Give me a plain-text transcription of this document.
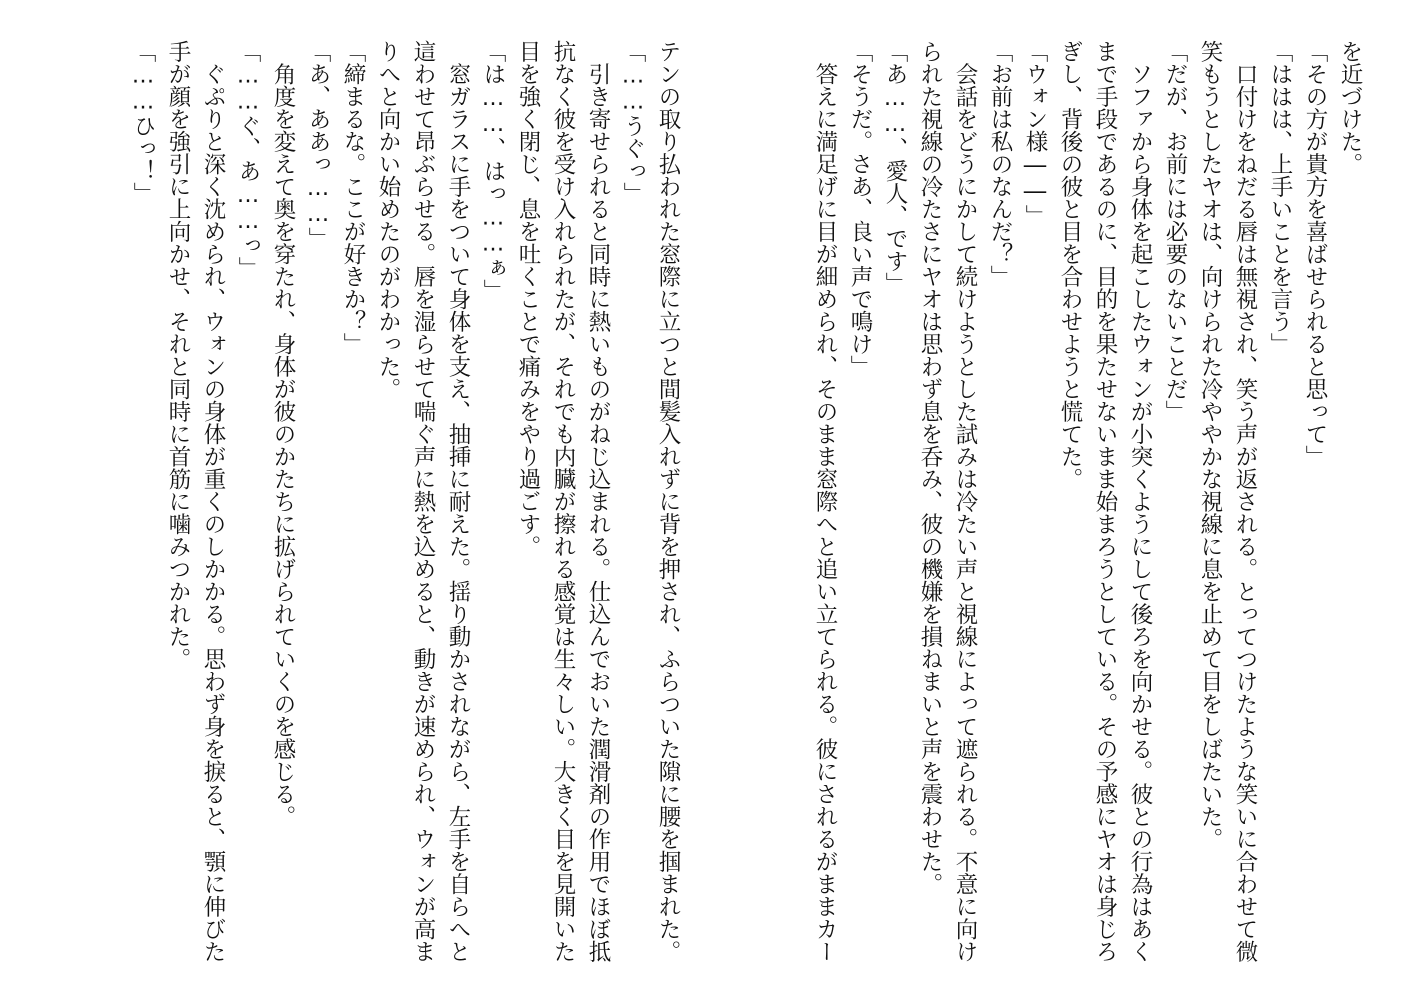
を近づけた。
「その方が貴方を喜ばせられると思って」
「ははは、上手いことを言う」
　口付けをねだる唇は無視され、笑う声が返される。とってつけたような笑いに合わせて微
笑もうとしたヤオは、向けられた冷ややかな視線に息を止めて目をしばたいた。
「だが、お前には必要のないことだ」
　ソファから身体を起こしたウォンが小突くようにして後ろを向かせる。彼との行為はあく
まで手段であるのに、目的を果たせないまま始まろうとしている。その予感にヤオは身じろ
ぎし、背後の彼と目を合わせようと慌てた。
「ウォン様――」
「お前は私のなんだ？」
　会話をどうにかして続けようとした試みは冷たい声と視線によって遮られる。不意に向け
られた視線の冷たさにヤオは思わず息を呑み、彼の機嫌を損ねまいと声を震わせた。
「あ……、愛人、です」
「そうだ。さあ、良い声で鳴け」
　答えに満足げに目が細められ、そのまま窓際へと追い立てられる。彼にされるがままカー
テンの取り払われた窓際に立つと間髪入れずに背を押され、ふらついた隙に腰を掴まれた。
「……うぐっ」
　引き寄せられると同時に熱いものがねじ込まれる。仕込んでおいた潤滑剤の作用でほぼ抵
抗なく彼を受け入れられたが、それでも内臓が擦れる感覚は生々しい。大きく目を見開いた
目を強く閉じ、息を吐くことで痛みをやり過ごす。
「は……、はっ……ぁ」
　窓ガラスに手をついて身体を支え、抽挿に耐えた。揺り動かされながら、左手を自らへと
這わせて昂ぶらせる。唇を湿らせて喘ぐ声に熱を込めると、動きが速められ、ウォンが高ま
りへと向かい始めたのがわかった。
「締まるな。ここが好きか？」
「あ、ああっ……」
　角度を変えて奥を穿たれ、身体が彼のかたちに拡げられていくのを感じる。
「……ぐ、あ……っ」
　ぐぷりと深く沈められ、ウォンの身体が重くのしかかる。思わず身を捩ると、顎に伸びた
手が顔を強引に上向かせ、それと同時に首筋に噛みつかれた。
「……ひっ！」
